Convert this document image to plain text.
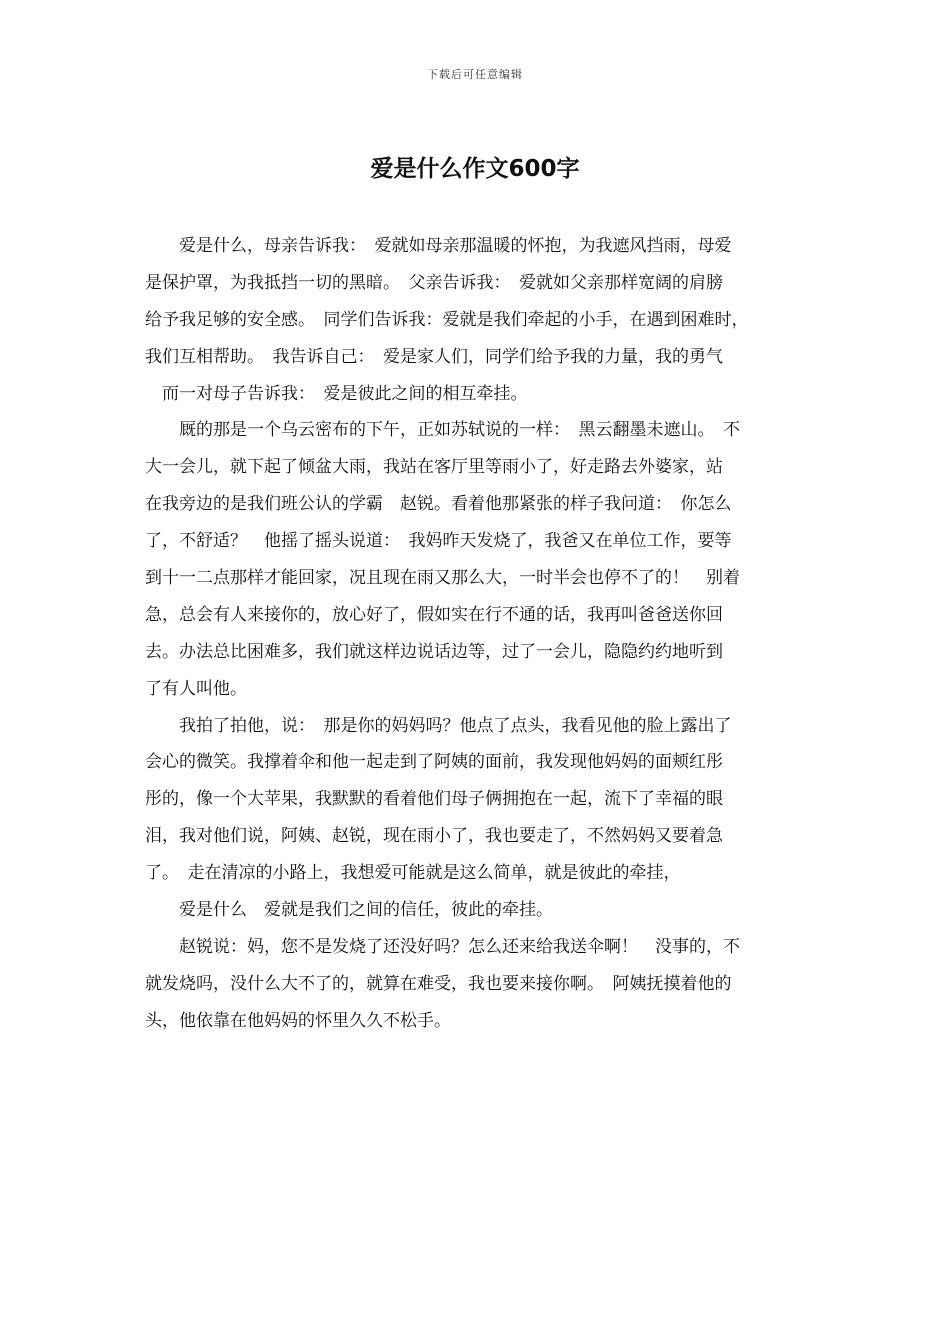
下载后可任意编辑
爱是什么作文600字
　　爱是什么，母亲告诉我：　爱就如母亲那温暖的怀抱，为我遮风挡雨，母爱
是保护罩，为我抵挡一切的黑暗。　父亲告诉我：　爱就如父亲那样宽阔的肩膀
给予我足够的安全感。　同学们告诉我：爱就是我们牵起的小手，在遇到困难时，
我们互相帮助。　我告诉自己：　爱是家人们，同学们给予我的力量，我的勇气
　而一对母子告诉我：　爱是彼此之间的相互牵挂。
　　厩的那是一个乌云密布的下午，正如苏轼说的一样：　黑云翻墨未遮山。　不
大一会儿，就下起了倾盆大雨，我站在客厅里等雨小了，好走路去外婆家，站
在我旁边的是我们班公认的学霸　赵锐。看着他那紧张的样子我问道：　你怎么
了，不舒适？　他摇了摇头说道：　我妈昨天发烧了，我爸又在单位工作，要等
到十一二点那样才能回家，况且现在雨又那么大，一时半会也停不了的！　别着
急，总会有人来接你的，放心好了，假如实在行不通的话，我再叫爸爸送你回
去。办法总比困难多，我们就这样边说话边等，过了一会儿，隐隐约约地听到
了有人叫他。
　　我拍了拍他，说：　那是你的妈妈吗？他点了点头，我看见他的脸上露出了
会心的微笑。我撑着伞和他一起走到了阿姨的面前，我发现他妈妈的面颊红彤
彤的，像一个大苹果，我默默的看着他们母子俩拥抱在一起，流下了幸福的眼
泪，我对他们说，阿姨、赵锐，现在雨小了，我也要走了，不然妈妈又要着急
了。　走在清凉的小路上，我想爱可能就是这么简单，就是彼此的牵挂，
　　爱是什么　爱就是我们之间的信任，彼此的牵挂。
　　赵锐说：妈，您不是发烧了还没好吗？怎么还来给我送伞啊！　没事的，不
就发烧吗，没什么大不了的，就算在难受，我也要来接你啊。　阿姨抚摸着他的
头，他依靠在他妈妈的怀里久久不松手。
